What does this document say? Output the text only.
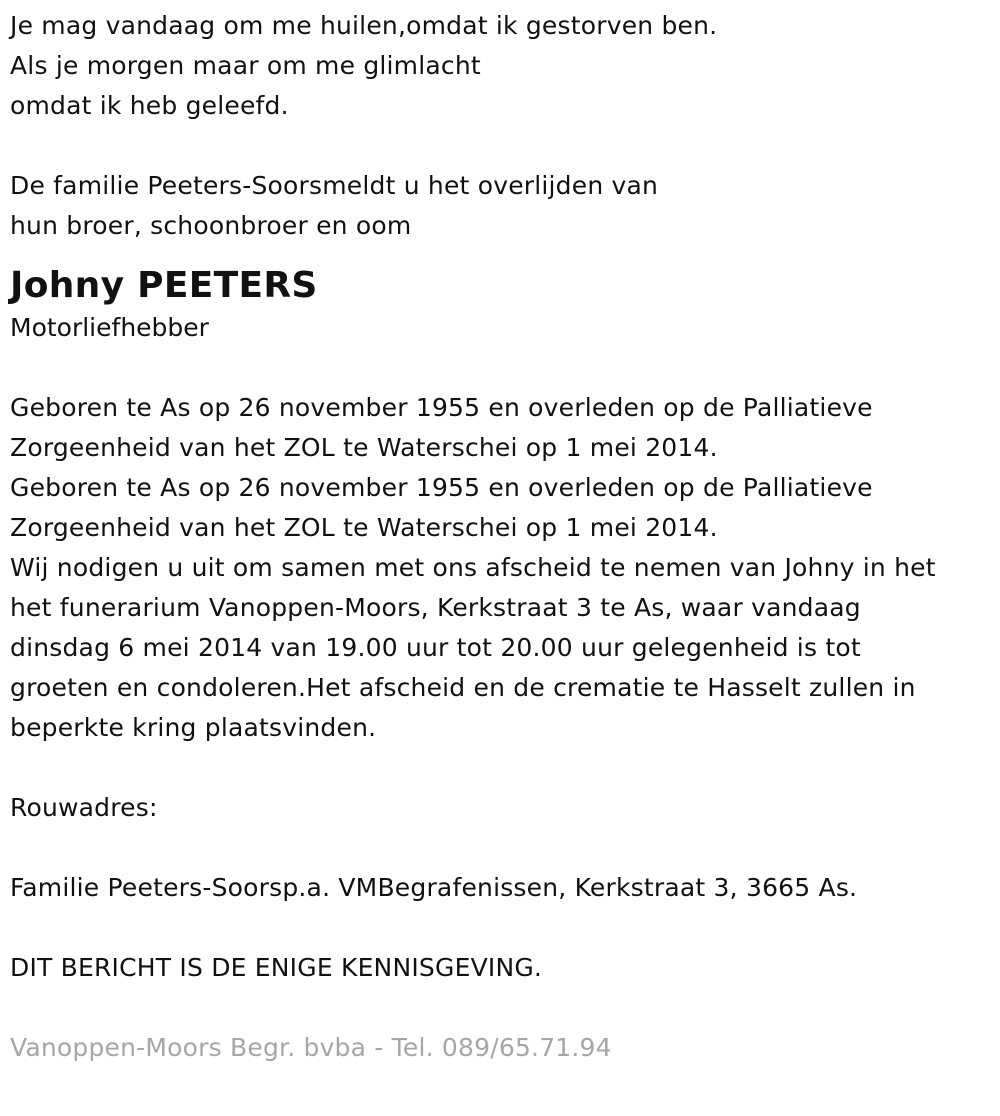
Je mag vandaag om me huilen,omdat ik gestorven ben.
Als je morgen maar om me glimlacht
omdat ik heb geleefd.
De familie Peeters-Soorsmeldt u het overlijden van
hun broer, schoonbroer en oom
Johny PEETERS
Motorliefhebber
Geboren te As op 26 november 1955 en overleden op de Palliatieve
Zorgeenheid van het ZOL te Waterschei op 1 mei 2014.
Geboren te As op 26 november 1955 en overleden op de Palliatieve
Zorgeenheid van het ZOL te Waterschei op 1 mei 2014.
Wij nodigen u uit om samen met ons afscheid te nemen van Johny in het
het funerarium Vanoppen-Moors, Kerkstraat 3 te As, waar vandaag
dinsdag 6 mei 2014 van 19.00 uur tot 20.00 uur gelegenheid is tot
groeten en condoleren.Het afscheid en de crematie te Hasselt zullen in
beperkte kring plaatsvinden.
Rouwadres:
Familie Peeters-Soorsp.a. VMBegrafenissen, Kerkstraat 3, 3665 As.
DIT BERICHT IS DE ENIGE KENNISGEVING.
Vanoppen-Moors Begr. bvba - Tel. 089/65.71.94
